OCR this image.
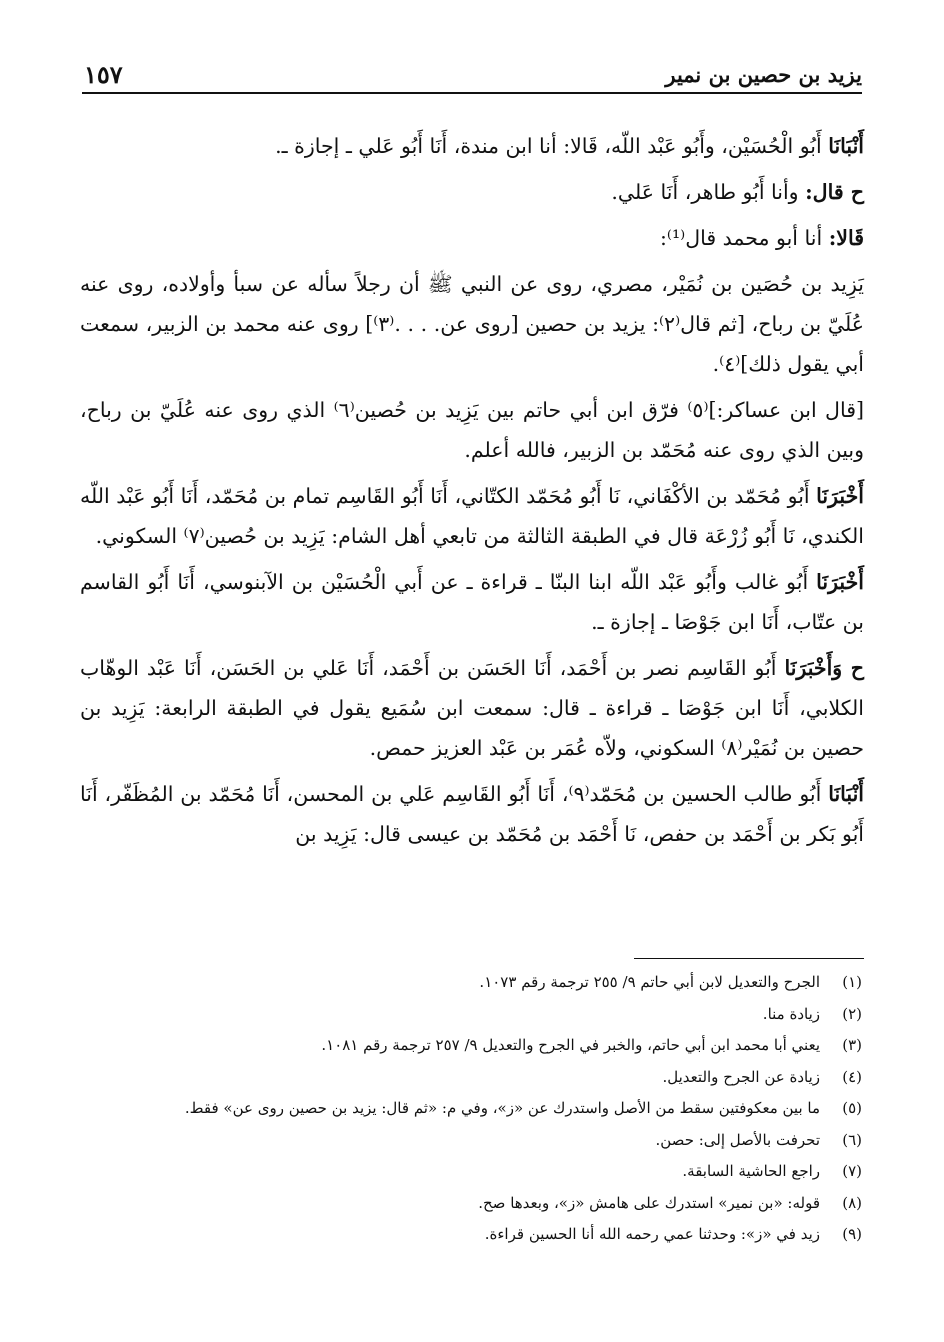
يزيد بن حصين بن نمير
١٥٧

أَنْبَانَا أَبُو الْحُسَيْن، وأَبُو عَبْد اللّه، قَالا: أنا ابن مندة، أَنَا أَبُو عَلي ـ إجازة ـ.

ح قال: وأنا أَبُو طاهر، أَنَا عَلي.

قَالا: أنا أبو محمد قال⁽¹⁾:

يَزِيد بن حُصَين بن نُمَيْر، مصري، روى عن النبي ﷺ أن رجلاً سأله عن سبأ وأولاده، روى عنه عُلَيّ بن رباح، [ثم قال⁽٢⁾: يزيد بن حصين [روى عن. . . .⁽٣⁾] روى عنه محمد بن الزبير، سمعت أبي يقول ذلك]⁽٤⁾.

[قال ابن عساكر:]⁽٥⁾ فرّق ابن أبي حاتم بين يَزِيد بن حُصين⁽٦⁾ الذي روى عنه عُلَيّ بن رباح، وبين الذي روى عنه مُحَمّد بن الزبير، فالله أعلم.

أَخْبَرَنَا أَبُو مُحَمّد بن الأكْفَاني، نَا أَبُو مُحَمّد الكتّاني، أَنَا أَبُو القَاسِم تمام بن مُحَمّد، أَنَا أَبُو عَبْد اللّه الكندي، نَا أَبُو زُرْعَة قال في الطبقة الثالثة من تابعي أهل الشام: يَزِيد بن حُصين⁽٧⁾ السكوني.

أَخْبَرَنَا أَبُو غالب وأَبُو عَبْد اللّه ابنا البنّا ـ قراءة ـ عن أَبي الْحُسَيْن بن الآبنوسي، أَنَا أَبُو القاسم بن عتّاب، أَنَا ابن جَوْصَا ـ إجازة ـ.

ح وَأَخْبَرَنَا أَبُو القَاسِم نصر بن أَحْمَد، أَنَا الحَسَن بن أَحْمَد، أَنَا عَلي بن الحَسَن، أَنَا عَبْد الوهّاب الكلابي، أَنَا ابن جَوْصَا ـ قراءة ـ قال: سمعت ابن سُمَيع يقول في الطبقة الرابعة: يَزِيد بن حصين بن نُمَيْر⁽٨⁾ السكوني، ولاّه عُمَر بن عَبْد العزيز حمص.

أَنْبَانَا أَبُو طالب الحسين بن مُحَمّد⁽٩⁾، أَنَا أَبُو القَاسِم عَلي بن المحسن، أَنَا مُحَمّد بن المُظَفّر، أَنَا أَبُو بَكر بن أَحْمَد بن حفص، نَا أَحْمَد بن مُحَمّد بن عيسى قال: يَزِيد بن

(١)
الجرح والتعديل لابن أبي حاتم ٩/ ٢٥٥ ترجمة رقم ١٠٧٣.
(٢)
زيادة منا.
(٣)
يعني أبا محمد ابن أبي حاتم، والخبر في الجرح والتعديل ٩/ ٢٥٧ ترجمة رقم ١٠٨١.
(٤)
زيادة عن الجرح والتعديل.
(٥)
ما بين معكوفتين سقط من الأصل واستدرك عن «ز»، وفي م: «ثم قال: يزيد بن حصين روى عن» فقط.
(٦)
تحرفت بالأصل إلى: حصن.
(٧)
راجع الحاشية السابقة.
(٨)
قوله: «بن نمير» استدرك على هامش «ز»، وبعدها صح.
(٩)
زيد في «ز»: وحدثنا عمي رحمه الله أنا الحسين قراءة.
